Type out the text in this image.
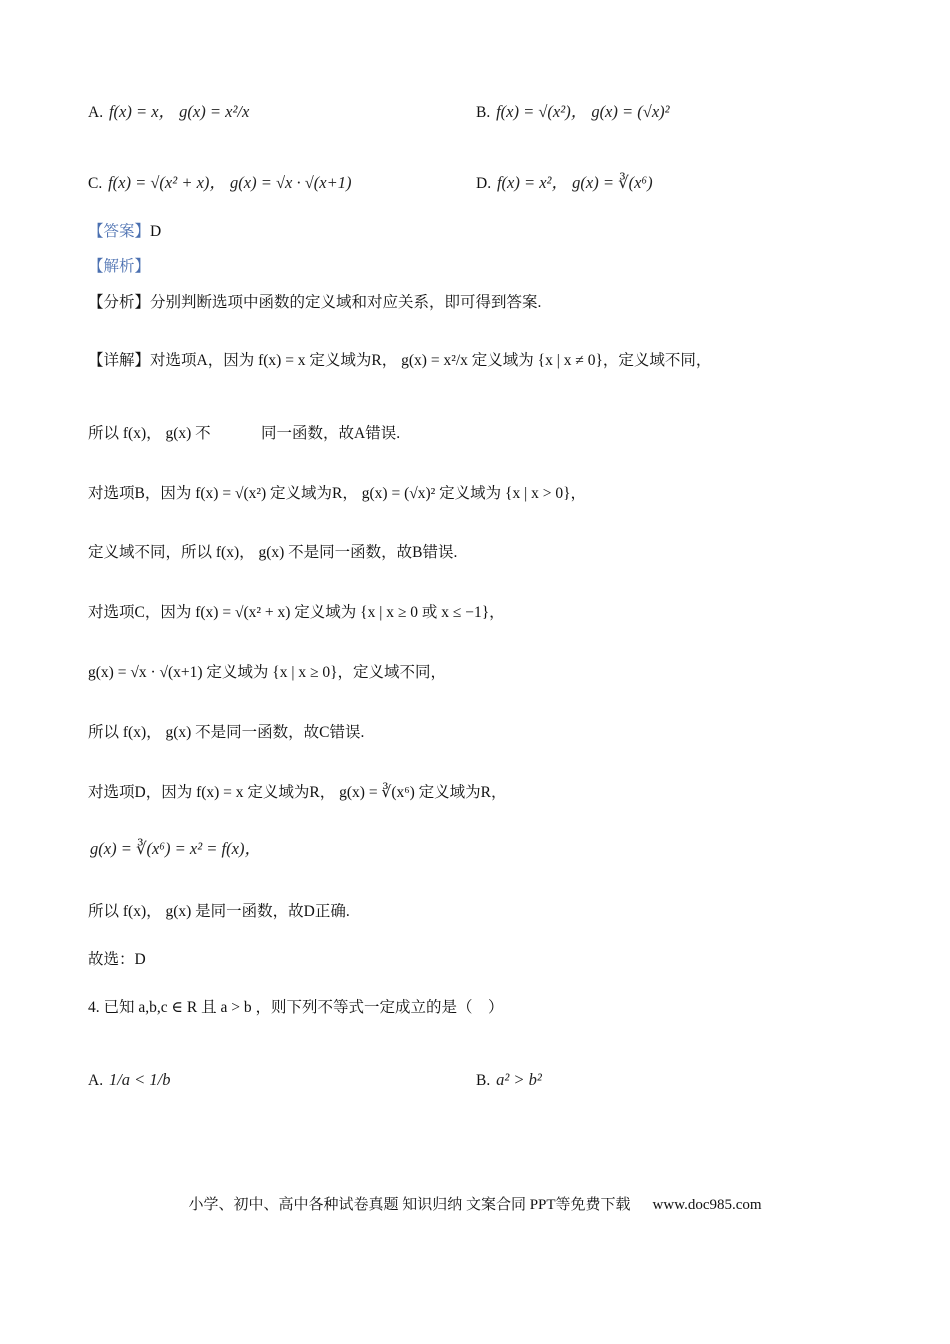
A. f(x) = x， g(x) = x²/x	B. f(x) = √(x²)， g(x) = (√x)²
C. f(x) = √(x² + x)， g(x) = √x · √(x+1)	D. f(x) = x²， g(x) = ∛(x⁶)
【答案】D
【解析】
【分析】分别判断选项中函数的定义域和对应关系，即可得到答案.
【详解】对选项A，因为 f(x) = x 定义域为R， g(x) = x²/x 定义域为 {x | x ≠ 0}，定义域不同，
所以 f(x)， g(x) 不 　　　同一函数，故A错误.
对选项B，因为 f(x) = √(x²) 定义域为R， g(x) = (√x)² 定义域为 {x | x > 0}，
定义域不同，所以 f(x)， g(x) 不是同一函数，故B错误.
对选项C，因为 f(x) = √(x² + x) 定义域为 {x | x ≥ 0 或 x ≤ −1}，
g(x) = √x · √(x+1) 定义域为 {x | x ≥ 0}，定义域不同，
所以 f(x)， g(x) 不是同一函数，故C错误.
对选项D，因为 f(x) = x 定义域为R， g(x) = ∛(x⁶) 定义域为R，
g(x) = ∛(x⁶) = x² = f(x)，
所以 f(x)， g(x) 是同一函数，故D正确.
故选：D
4. 已知 a,b,c ∈ R 且 a > b ，则下列不等式一定成立的是（　）
A. 1/a < 1/b	B. a² > b²
小学、初中、高中各种试卷真题 知识归纳 文案合同 PPT等免费下载 www.doc985.com
